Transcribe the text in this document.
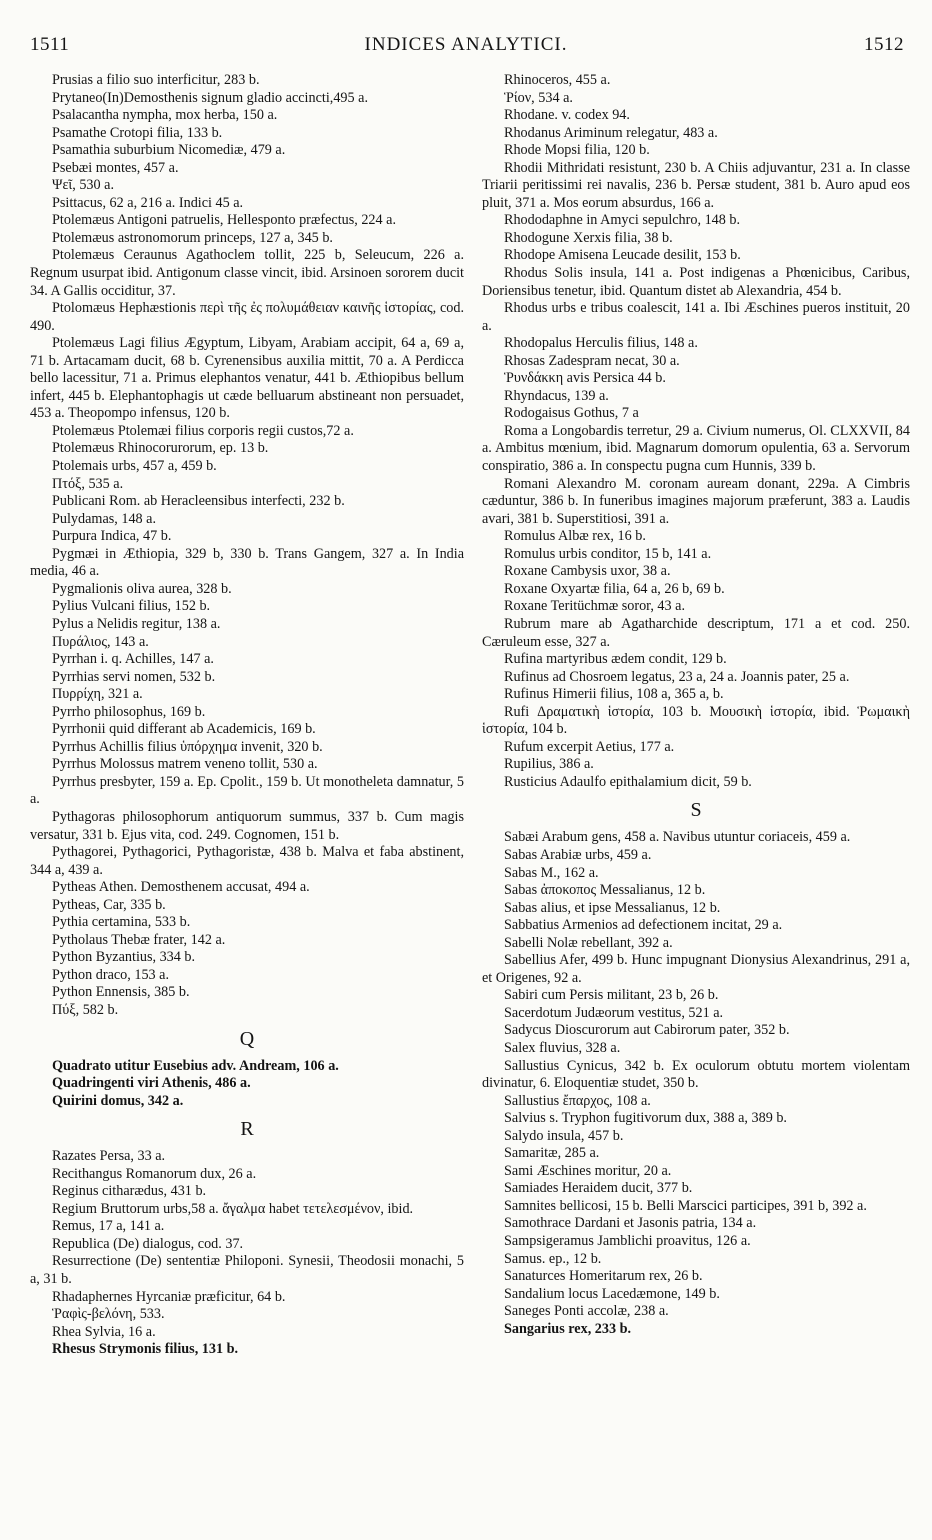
1511	INDICES ANALYTICI.	1512

Prusias a filio suo interficitur, 283 b.

Prytaneo(In)Demosthenis signum gladio accincti,495 a.

Psalacantha nympha, mox herba, 150 a.

Psamathe Crotopi filia, 133 b.

Psamathia suburbium Nicomediæ, 479 a.

Psebæi montes, 457 a.

Ψεῖ, 530 a.

Psittacus, 62 a, 216 a. Indici 45 a.

Ptolemæus Antigoni patruelis, Hellesponto præfectus, 224 a.

Ptolemæus astronomorum princeps, 127 a, 345 b.

Ptolemæus Ceraunus Agathoclem tollit, 225 b, Seleucum, 226 a. Regnum usurpat ibid. Antigonum classe vincit, ibid. Arsinoen sororem ducit 34. A Gallis occiditur, 37.

Ptolomæus Hephæstionis περὶ τῆς ἐς πολυμάθειαν καινῆς ἱστορίας, cod. 490.

Ptolemæus Lagi filius Ægyptum, Libyam, Arabiam accipit, 64 a, 69 a, 71 b. Artacamam ducit, 68 b. Cyrenensibus auxilia mittit, 70 a. A Perdicca bello lacessitur, 71 a. Primus elephantos venatur, 441 b. Æthiopibus bellum infert, 445 b. Elephantophagis ut cæde belluarum abstineant non persuadet, 453 a. Theopompo infensus, 120 b.

Ptolemæus Ptolemæi filius corporis regii custos,72 a.

Ptolemæus Rhinocorurorum, ep. 13 b.

Ptolemais urbs, 457 a, 459 b.

Πτόξ, 535 a.

Publicani Rom. ab Heracleensibus interfecti, 232 b.

Pulydamas, 148 a.

Purpura Indica, 47 b.

Pygmæi in Æthiopia, 329 b, 330 b. Trans Gangem, 327 a. In India media, 46 a.

Pygmalionis oliva aurea, 328 b.

Pylius Vulcani filius, 152 b.

Pylus a Nelidis regitur, 138 a.

Πυράλιος, 143 a.

Pyrrhan i. q. Achilles, 147 a.

Pyrrhias servi nomen, 532 b.

Πυρρίχη, 321 a.

Pyrrho philosophus, 169 b.

Pyrrhonii quid differant ab Academicis, 169 b.

Pyrrhus Achillis filius ὑπόρχημα invenit, 320 b.

Pyrrhus Molossus matrem veneno tollit, 530 a.

Pyrrhus presbyter, 159 a. Ep. Cpolit., 159 b. Ut monotheleta damnatur, 5 a.

Pythagoras philosophorum antiquorum summus, 337 b. Cum magis versatur, 331 b. Ejus vita, cod. 249. Cognomen, 151 b.

Pythagorei, Pythagorici, Pythagoristæ, 438 b. Malva et faba abstinent, 344 a, 439 a.

Pytheas Athen. Demosthenem accusat, 494 a.

Pytheas, Car, 335 b.

Pythia certamina, 533 b.

Pytholaus Thebæ frater, 142 a.

Python Byzantius, 334 b.

Python draco, 153 a.

Python Ennensis, 385 b.

Πύξ, 582 b.

Q

Quadrato utitur Eusebius adv. Andream, 106 a.

Quadringenti viri Athenis, 486 a.

Quirini domus, 342 a.

R

Razates Persa, 33 a.

Recithangus Romanorum dux, 26 a.

Reginus citharædus, 431 b.

Regium Bruttorum urbs,58 a. ἄγαλμα habet τετελεσμένον, ibid.

Remus, 17 a, 141 a.

Republica (De) dialogus, cod. 37.

Resurrectione (De) sententiæ Philoponi. Synesii, Theodosii monachi, 5 a, 31 b.

Rhadaphernes Hyrcaniæ præficitur, 64 b.

Ῥαφὶς-βελόνη, 533.

Rhea Sylvia, 16 a.

Rhesus Strymonis filius, 131 b.

Rhinoceros, 455 a.

Ῥίον, 534 a.

Rhodane. v. codex 94.

Rhodanus Ariminum relegatur, 483 a.

Rhode Mopsi filia, 120 b.

Rhodii Mithridati resistunt, 230 b. A Chiis adjuvantur, 231 a. In classe Triarii peritissimi rei navalis, 236 b. Persæ student, 381 b. Auro apud eos pluit, 371 a. Mos eorum absurdus, 166 a.

Rhododaphne in Amyci sepulchro, 148 b.

Rhodogune Xerxis filia, 38 b.

Rhodope Amisena Leucade desilit, 153 b.

Rhodus Solis insula, 141 a. Post indigenas a Phœnicibus, Caribus, Doriensibus tenetur, ibid. Quantum distet ab Alexandria, 454 b.

Rhodus urbs e tribus coalescit, 141 a. Ibi Æschines pueros instituit, 20 a.

Rhodopalus Herculis filius, 148 a.

Rhosas Zadespram necat, 30 a.

Ῥυνδάκκη avis Persica 44 b.

Rhyndacus, 139 a.

Rodogaisus Gothus, 7 a

Roma a Longobardis terretur, 29 a. Civium numerus, Ol. CLXXVII, 84 a. Ambitus mœnium, ibid. Magnarum domorum opulentia, 63 a. Servorum conspiratio, 386 a. In conspectu pugna cum Hunnis, 339 b.

Romani Alexandro M. coronam auream donant, 229a. A Cimbris cæduntur, 386 b. In funeribus imagines majorum præferunt, 383 a. Laudis avari, 381 b. Superstitiosi, 391 a.

Romulus Albæ rex, 16 b.

Romulus urbis conditor, 15 b, 141 a.

Roxane Cambysis uxor, 38 a.

Roxane Oxyartæ filia, 64 a, 26 b, 69 b.

Roxane Teritüchmæ soror, 43 a.

Rubrum mare ab Agatharchide descriptum, 171 a et cod. 250. Cæruleum esse, 327 a.

Rufina martyribus ædem condit, 129 b.

Rufinus ad Chosroem legatus, 23 a, 24 a. Joannis pater, 25 a.

Rufinus Himerii filius, 108 a, 365 a, b.

Rufi Δραματικὴ ἱστορία, 103 b. Μουσικὴ ἱστορία, ibid. Ῥωμαικὴ ἱστορία, 104 b.

Rufum excerpit Aetius, 177 a.

Rupilius, 386 a.

Rusticius Adaulfo epithalamium dicit, 59 b.

S

Sabæi Arabum gens, 458 a. Navibus utuntur coriaceis, 459 a.

Sabas Arabiæ urbs, 459 a.

Sabas M., 162 a.

Sabas ἀποκοπος Messalianus, 12 b.

Sabas alius, et ipse Messalianus, 12 b.

Sabbatius Armenios ad defectionem incitat, 29 a.

Sabelli Nolæ rebellant, 392 a.

Sabellius Afer, 499 b. Hunc impugnant Dionysius Alexandrinus, 291 a, et Origenes, 92 a.

Sabiri cum Persis militant, 23 b, 26 b.

Sacerdotum Judæorum vestitus, 521 a.

Sadycus Dioscurorum aut Cabirorum pater, 352 b.

Salex fluvius, 328 a.

Sallustius Cynicus, 342 b. Ex oculorum obtutu mortem violentam divinatur, 6. Eloquentiæ studet, 350 b.

Sallustius ἔπαρχος, 108 a.

Salvius s. Tryphon fugitivorum dux, 388 a, 389 b.

Salydo insula, 457 b.

Samaritæ, 285 a.

Sami Æschines moritur, 20 a.

Samiades Heraidem ducit, 377 b.

Samnites bellicosi, 15 b. Belli Marscici participes, 391 b, 392 a.

Samothrace Dardani et Jasonis patria, 134 a.

Sampsigeramus Jamblichi proavitus, 126 a.

Samus. ep., 12 b.

Sanaturces Homeritarum rex, 26 b.

Sandalium locus Lacedæmone, 149 b.

Saneges Ponti accolæ, 238 a.

Sangarius rex, 233 b.
